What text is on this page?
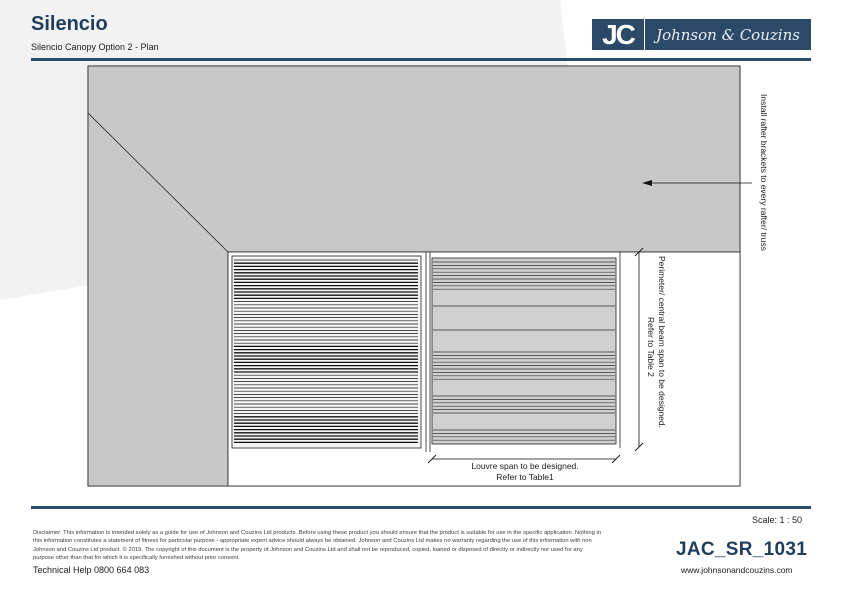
Silencio
Silencio Canopy Option 2 - Plan	JC	Johnson & Couzins
Install rafter brackets to every rafter/ truss
Perimeter/ central beam span to be designed.
Refer to Table 2
Louvre span to be designed.
Refer to Table1
Scale: 1 : 50
Disclaimer: This information is intended solely as a guide for use of Johnson and Couzins Ltd products. Before using these product you should ensure that the product is suitable for use in the specific application. Nothing in this information constitutes a statement of fitness for particular purpose - appropriate expert advice should always be obtained. Johnson and Couzins Ltd makes no warranty regarding the use of this information with non Johnson and Couzins Ltd product. © 2019. The copyright of this document is the property of Johnson and Couzins Ltd and shall not be reproduced, copied, loaned or disposed of directly or indirectly nor used for any purpose other than that for which it is specifically furnished without prior consent.
Technical Help 0800 664 083
JAC_SR_1031
www.johnsonandcouzins.com
